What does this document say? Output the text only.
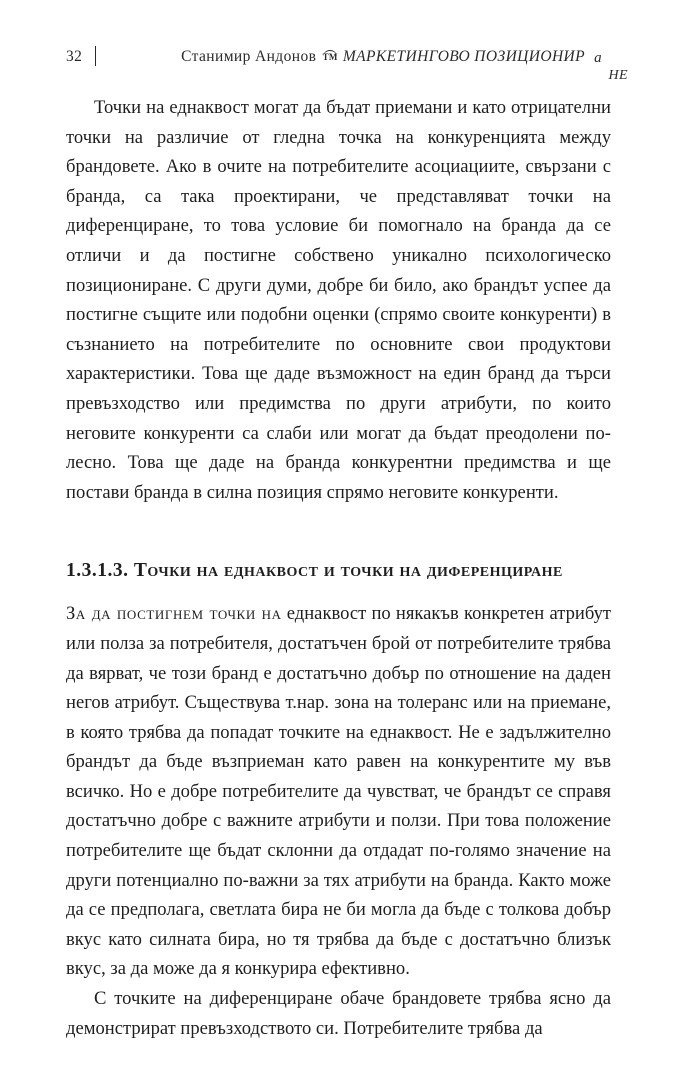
32	Станимир Андонов ТМ МАРКЕТИНГОВО ПОЗИЦИОНИР а
НЕ

Точки на еднаквост могат да бъдат приемани и като отрицателни точки на различие от гледна точка на конкуренцията между брандовете. Ако в очите на потребителите асоциациите, свързани с бранда, са така проектирани, че представляват точки на диференциране, то това условие би помогнало на бранда да се отличи и да постигне собствено уникално психологическо позициониране. С други думи, добре би било, ако брандът успее да постигне същите или подобни оценки (спрямо своите конкуренти) в съзнанието на потребителите по основните свои продуктови характеристики. Това ще даде възможност на един бранд да търси превъзходство или предимства по други атрибути, по които неговите конкуренти са слаби или могат да бъдат преодолени по-лесно. Това ще даде на бранда конкурентни предимства и ще постави бранда в силна позиция спрямо неговите конкуренти.

1.3.1.3. Точки на еднаквост и точки на диференциране

За да постигнем точки на еднаквост по някакъв конкретен атрибут или полза за потребителя, достатъчен брой от потребителите трябва да вярват, че този бранд е достатъчно добър по отношение на даден негов атрибут. Съществува т.нар. зона на толеранс или на приемане, в която трябва да попадат точките на еднаквост. Не е задължително брандът да бъде възприеман като равен на конкурентите му във всичко. Но е добре потребителите да чувстват, че брандът се справя достатъчно добре с важните атрибути и ползи. При това положение потребителите ще бъдат склонни да отдадат по-голямо значение на други потенциално по-важни за тях атрибути на бранда. Както може да се предполага, светлата бира не би могла да бъде с толкова добър вкус като силната бира, но тя трябва да бъде с достатъчно близък вкус, за да може да я конкурира ефективно.

С точките на диференциране обаче брандовете трябва ясно да демонстрират превъзходството си. Потребителите трябва да
